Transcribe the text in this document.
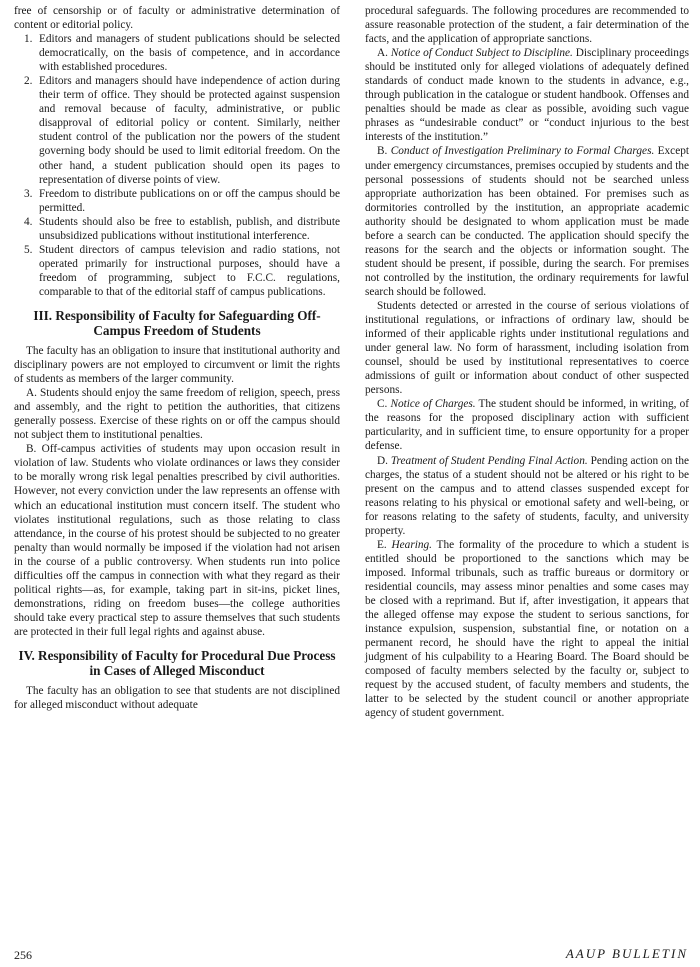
free of censorship or of faculty or administrative determination of content or editorial policy.

1. Editors and managers of student publications should be selected democratically, on the basis of competence, and in accordance with established procedures.
2. Editors and managers should have independence of action during their term of office. They should be protected against suspension and removal because of faculty, administrative, or public disapproval of editorial policy or content. Similarly, neither student control of the publication nor the powers of the student governing body should be used to limit editorial freedom. On the other hand, a student publication should open its pages to representation of diverse points of view.
3. Freedom to distribute publications on or off the campus should be permitted.
4. Students should also be free to establish, publish, and distribute unsubsidized publications without institutional interference.
5. Student directors of campus television and radio stations, not operated primarily for instructional purposes, should have a freedom of programming, subject to F.C.C. regulations, comparable to that of the editorial staff of campus publications.
III. Responsibility of Faculty for Safeguarding Off-Campus Freedom of Students

The faculty has an obligation to insure that institutional authority and disciplinary powers are not employed to circumvent or limit the rights of students as members of the larger community.

A. Students should enjoy the same freedom of religion, speech, press and assembly, and the right to petition the authorities, that citizens generally possess. Exercise of these rights on or off the campus should not subject them to institutional penalties.

B. Off-campus activities of students may upon occasion result in violation of law. Students who violate ordinances or laws they consider to be morally wrong risk legal penalties prescribed by civil authorities. However, not every conviction under the law represents an offense with which an educational institution must concern itself. The student who violates institutional regulations, such as those relating to class attendance, in the course of his protest should be subjected to no greater penalty than would normally be imposed if the violation had not arisen in the course of a public controversy. When students run into police difficulties off the campus in connection with what they regard as their political rights—as, for example, taking part in sit-ins, picket lines, demonstrations, riding on freedom buses—the college authorities should take every practical step to assure themselves that such students are protected in their full legal rights and against abuse.

IV. Responsibility of Faculty for Procedural Due Process in Cases of Alleged Misconduct

The faculty has an obligation to see that students are not disciplined for alleged misconduct without adequate

procedural safeguards. The following procedures are recommended to assure reasonable protection of the student, a fair determination of the facts, and the application of appropriate sanctions.

A. Notice of Conduct Subject to Discipline. Disciplinary proceedings should be instituted only for alleged violations of adequately defined standards of conduct made known to the students in advance, e.g., through publication in the catalogue or student handbook. Offenses and penalties should be made as clear as possible, avoiding such vague phrases as “undesirable conduct” or “conduct injurious to the best interests of the institution.”

B. Conduct of Investigation Preliminary to Formal Charges. Except under emergency circumstances, premises occupied by students and the personal possessions of students should not be searched unless appropriate authorization has been obtained. For premises such as dormitories controlled by the institution, an appropriate academic authority should be designated to whom application must be made before a search can be conducted. The application should specify the reasons for the search and the objects or information sought. The student should be present, if possible, during the search. For premises not controlled by the institution, the ordinary requirements for lawful search should be followed.

Students detected or arrested in the course of serious violations of institutional regulations, or infractions of ordinary law, should be informed of their applicable rights under institutional regulations and under general law. No form of harassment, including isolation from counsel, should be used by institutional representatives to coerce admissions of guilt or information about conduct of other suspected persons.

C. Notice of Charges. The student should be informed, in writing, of the reasons for the proposed disciplinary action with sufficient particularity, and in sufficient time, to ensure opportunity for a proper defense.

D. Treatment of Student Pending Final Action. Pending action on the charges, the status of a student should not be altered or his right to be present on the campus and to attend classes suspended except for reasons relating to his physical or emotional safety and well-being, or for reasons relating to the safety of students, faculty, and university property.

E. Hearing. The formality of the procedure to which a student is entitled should be proportioned to the sanctions which may be imposed. Informal tribunals, such as traffic bureaus or dormitory or residential councils, may assess minor penalties and some cases may be closed with a reprimand. But if, after investigation, it appears that the alleged offense may expose the student to serious sanctions, for instance expulsion, suspension, substantial fine, or notation on a permanent record, he should have the right to appeal the initial judgment of his culpability to a Hearing Board. The Board should be composed of faculty members selected by the faculty or, subject to request by the accused student, of faculty members and students, the latter to be selected by the student council or another appropriate agency of student government.

256	AAUP BULLETIN
